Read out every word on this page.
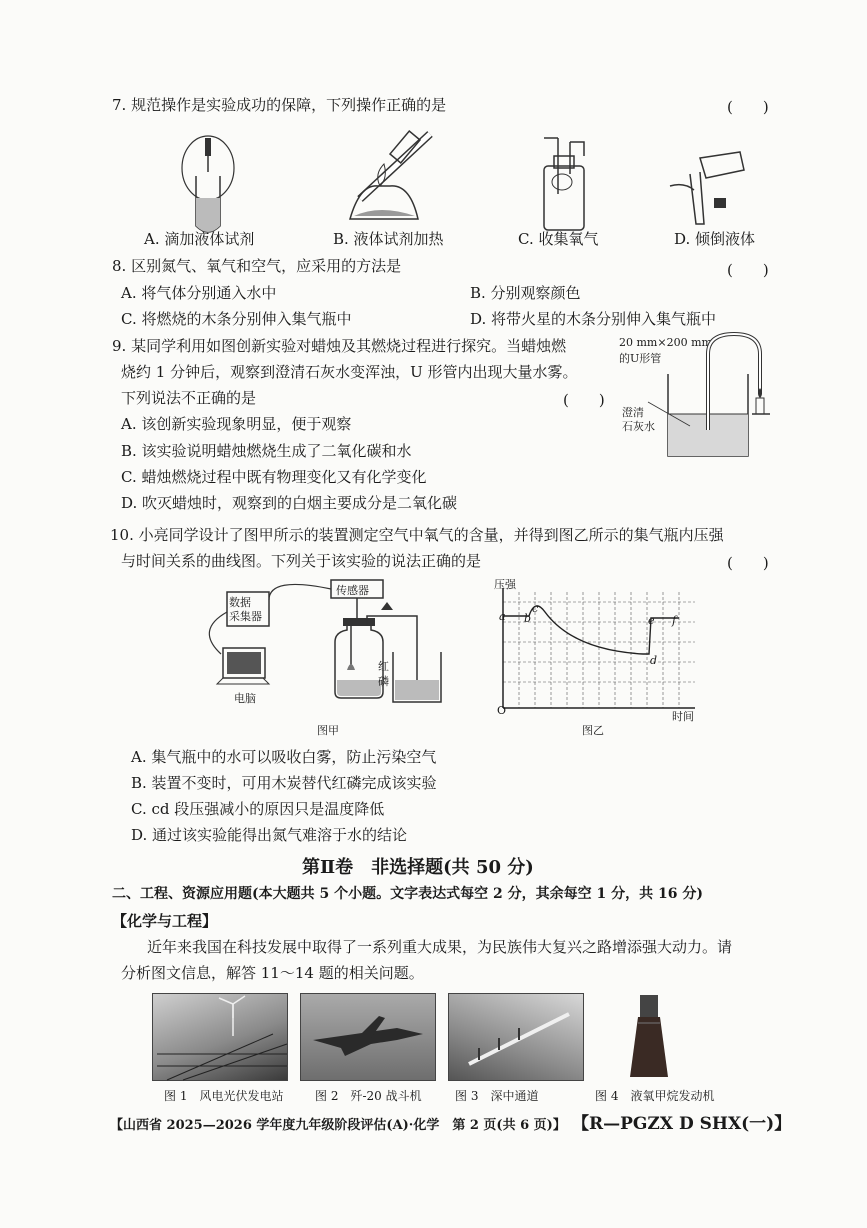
7. 规范操作是实验成功的保障，下列操作正确的是	(　　)
A. 滴加液体试剂	B. 液体试剂加热	C. 收集氧气	D. 倾倒液体
8. 区别氮气、氧气和空气，应采用的方法是	(　　)
A. 将气体分别通入水中	B. 分别观察颜色
C. 将燃烧的木条分别伸入集气瓶中	D. 将带火星的木条分别伸入集气瓶中
9. 某同学利用如图创新实验对蜡烛及其燃烧过程进行探究。当蜡烛燃
烧约 1 分钟后，观察到澄清石灰水变浑浊，U 形管内出现大量水雾。
下列说法不正确的是	(　　)
A. 该创新实验现象明显，便于观察
B. 该实验说明蜡烛燃烧生成了二氧化碳和水
C. 蜡烛燃烧过程中既有物理变化又有化学变化
D. 吹灭蜡烛时，观察到的白烟主要成分是二氧化碳
20 mm×200 mm
的U形管
澄清
石灰水
10. 小亮同学设计了图甲所示的装置测定空气中氧气的含量，并得到图乙所示的集气瓶内压强
与时间关系的曲线图。下列关于该实验的说法正确的是	(　　)
数据
采集器
传感器
电脑
红
磷
图甲
压强
时间
O
a b
c
d
e f
图乙
A. 集气瓶中的水可以吸收白雾，防止污染空气
B. 装置不变时，可用木炭替代红磷完成该实验
C. cd 段压强减小的原因只是温度降低
D. 通过该实验能得出氮气难溶于水的结论
第Ⅱ卷　非选择题(共 50 分)
二、工程、资源应用题(本大题共 5 个小题。文字表达式每空 2 分，其余每空 1 分，共 16 分)
【化学与工程】
近年来我国在科技发展中取得了一系列重大成果，为民族伟大复兴之路增添强大动力。请
分析图文信息，解答 11～14 题的相关问题。
图 1　风电光伏发电站	图 2　歼-20 战斗机	图 3　深中通道	图 4　液氧甲烷发动机
【山西省 2025—2026 学年度九年级阶段评估(A)·化学　第 2 页(共 6 页)】 【R—PGZX D SHX(一)】
